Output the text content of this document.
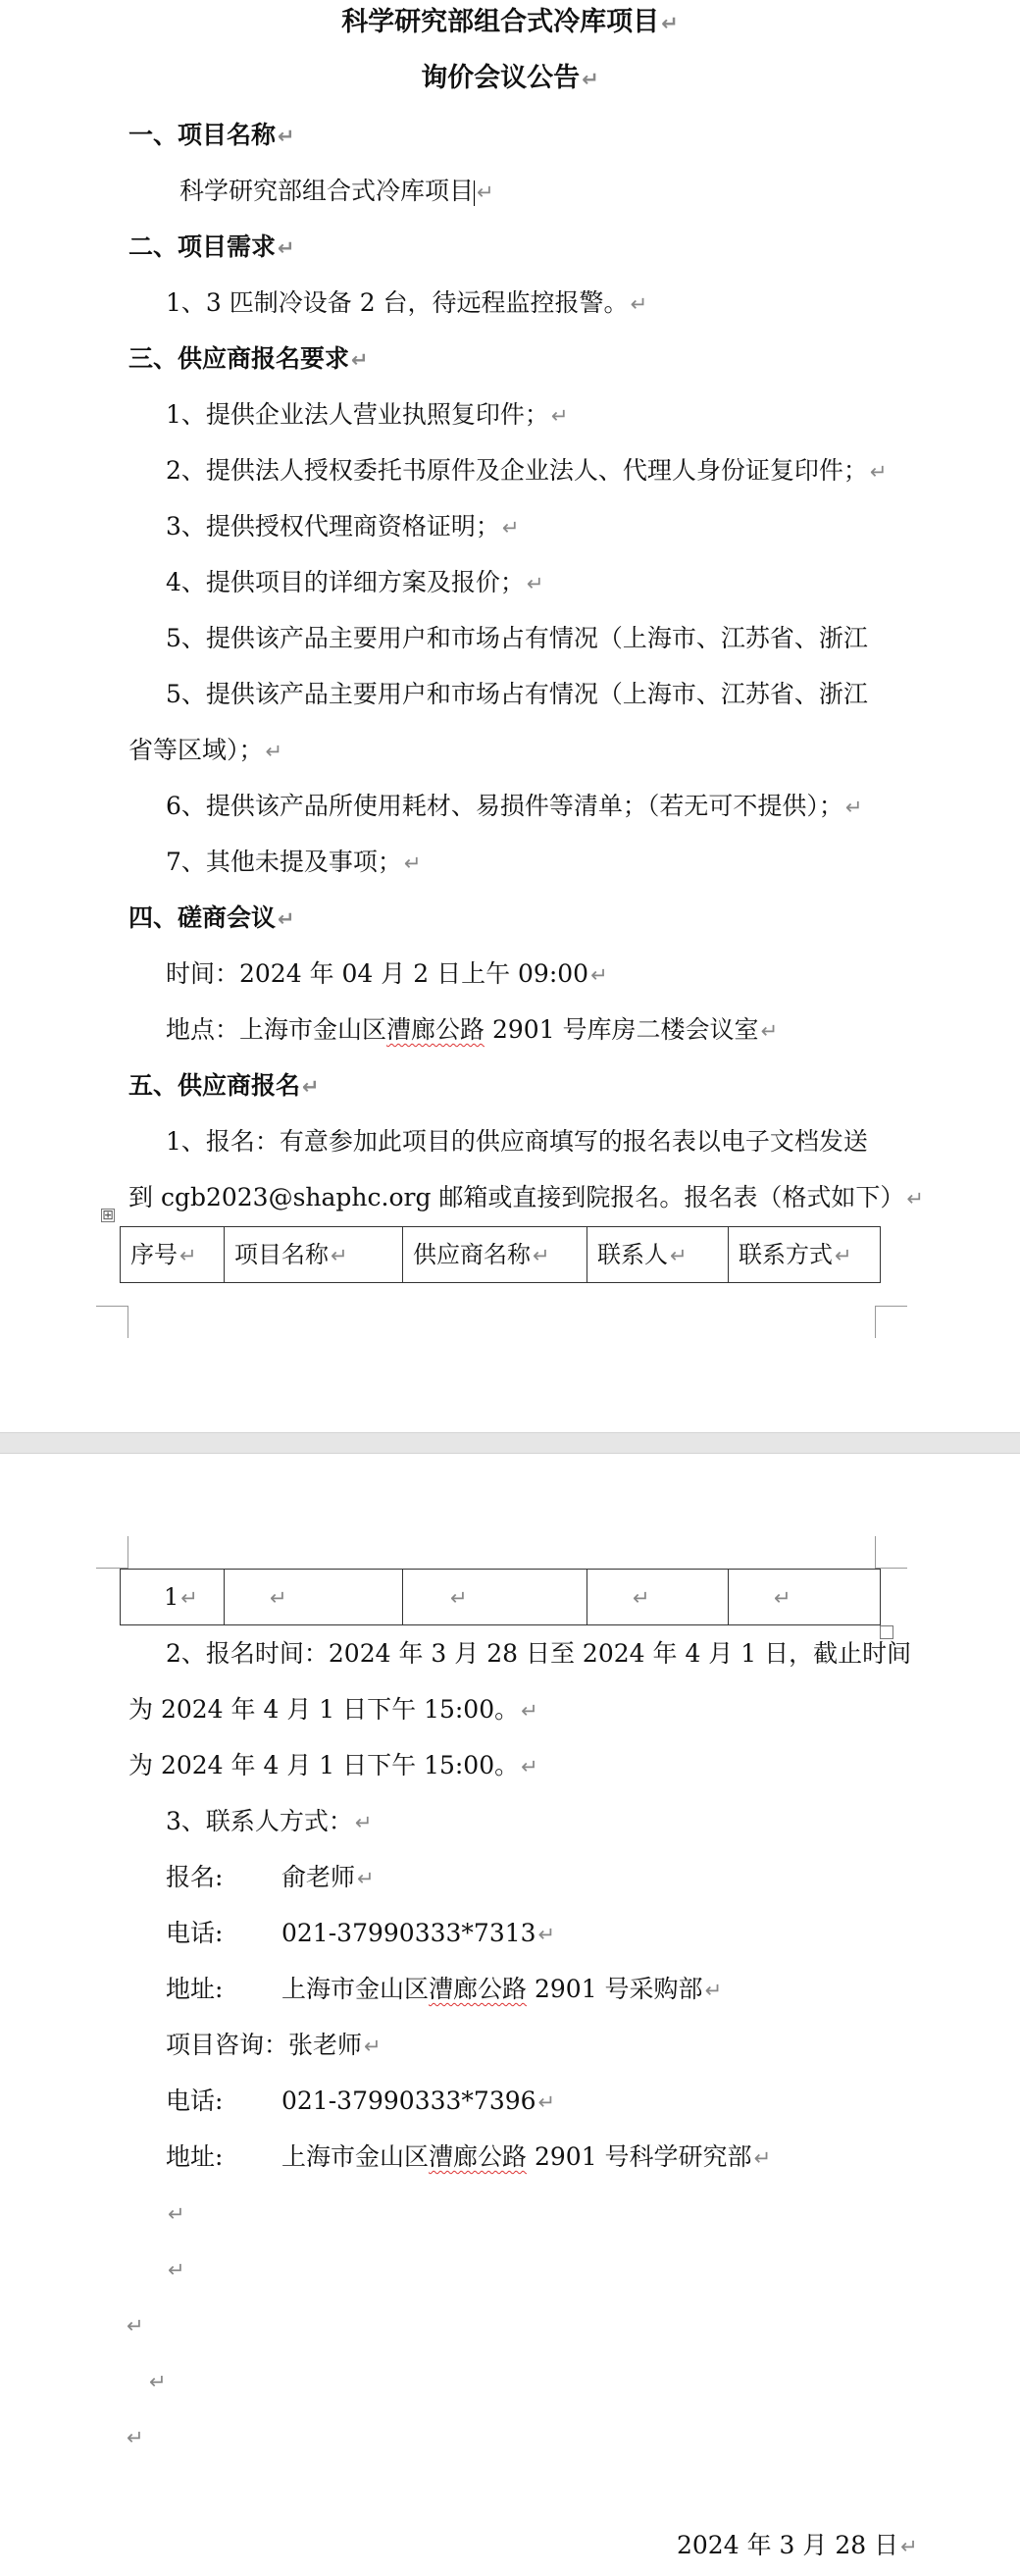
科学研究部组合式冷库项目↵
询价会议公告↵
一、项目名称↵
科学研究部组合式冷库项目 ↵
二、项目需求↵
1、3 匹制冷设备 2 台，待远程监控报警。↵
三、供应商报名要求↵
1、提供企业法人营业执照复印件；↵
2、提供法人授权委托书原件及企业法人、代理人身份证复印件；↵
3、提供授权代理商资格证明；↵
4、提供项目的详细方案及报价；↵
5、提供该产品主要用户和市场占有情况（上海市、江苏省、浙江
5、提供该产品主要用户和市场占有情况（上海市、江苏省、浙江
省等区域）；↵
6、提供该产品所使用耗材、易损件等清单；（若无可不提供）；↵
7、其他未提及事项；↵
四、磋商会议↵
时间：2024 年 04 月 2 日上午 09:00↵
地点：上海市金山区漕廊公路 2901 号库房二楼会议室↵
五、供应商报名↵
1、报名：有意参加此项目的供应商填写的报名表以电子文档发送
到 cgb2023@shaphc.org 邮箱或直接到院报名。报名表（格式如下）↵
⊞
序号↵	项目名称↵	供应商名称↵	联系人↵	联系方式↵
1↵	↵	↵	↵	↵
2、报名时间：2024 年 3 月 28 日至 2024 年 4 月 1 日，截止时间
为 2024 年 4 月 1 日下午 15:00。↵
为 2024 年 4 月 1 日下午 15:00。↵
3、联系人方式：↵
报名: 俞老师↵
电话: 021-37990333*7313↵
地址: 上海市金山区漕廊公路 2901 号采购部↵
项目咨询：张老师↵
电话: 021-37990333*7396↵
地址: 上海市金山区漕廊公路 2901 号科学研究部↵
↵
↵
↵
↵
↵
2024 年 3 月 28 日↵
